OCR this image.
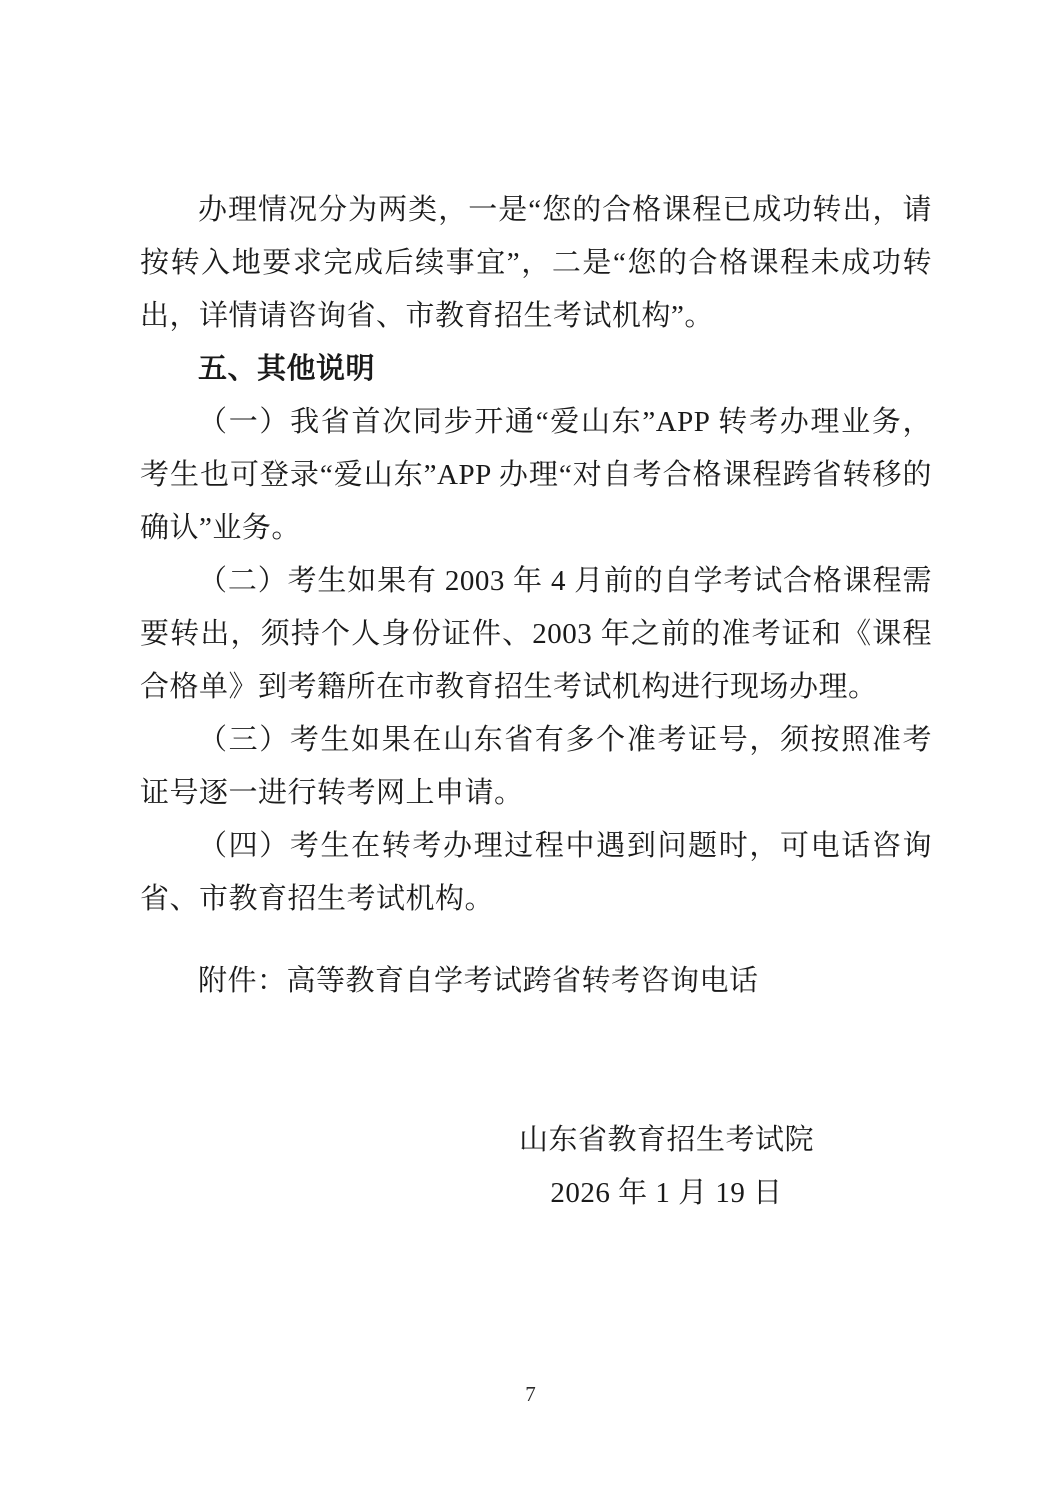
办理情况分为两类，一是“您的合格课程已成功转出，请按转入地要求完成后续事宜”，二是“您的合格课程未成功转出，详情请咨询省、市教育招生考试机构”。

五、其他说明

（一）我省首次同步开通“爱山东”APP 转考办理业务，考生也可登录“爱山东”APP 办理“对自考合格课程跨省转移的确认”业务。

（二）考生如果有 2003 年 4 月前的自学考试合格课程需要转出，须持个人身份证件、2003 年之前的准考证和《课程合格单》到考籍所在市教育招生考试机构进行现场办理。

（三）考生如果在山东省有多个准考证号，须按照准考证号逐一进行转考网上申请。

（四）考生在转考办理过程中遇到问题时，可电话咨询省、市教育招生考试机构。

附件：高等教育自学考试跨省转考咨询电话

山东省教育招生考试院

2026 年 1 月 19 日

7
